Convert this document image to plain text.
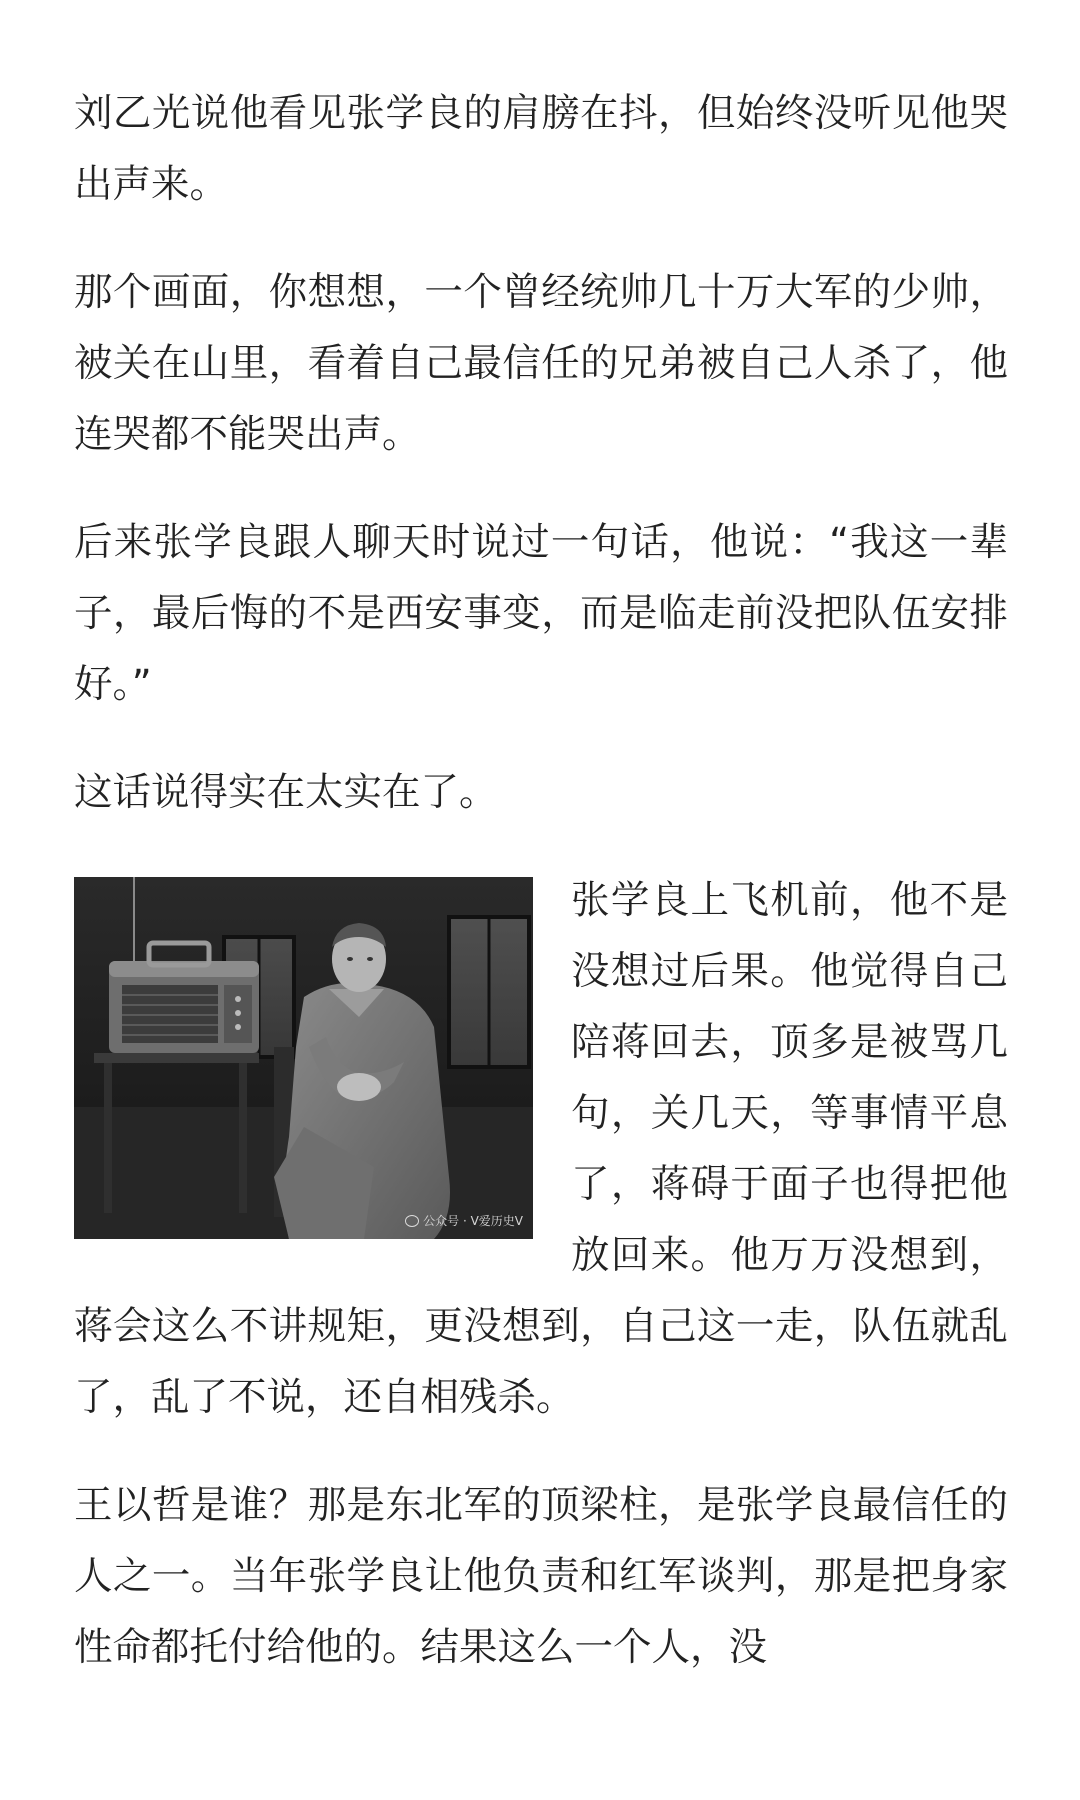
刘乙光说他看见张学良的肩膀在抖，但始终没听见他哭出声来。

那个画面，你想想，一个曾经统帅几十万大军的少帅，被关在山里，看着自己最信任的兄弟被自己人杀了，他连哭都不能哭出声。

后来张学良跟人聊天时说过一句话，他说：“我这一辈子，最后悔的不是西安事变，而是临走前没把队伍安排好。”

这话说得实在太实在了。

公众号 · V爱历史V

张学良上飞机前，他不是没想过后果。他觉得自己陪蒋回去，顶多是被骂几句，关几天，等事情平息了，蒋碍于面子也得把他放回来。他万万没想到，蒋会这么不讲规矩，更没想到，自己这一走，队伍就乱了，乱了不说，还自相残杀。

王以哲是谁？那是东北军的顶梁柱，是张学良最信任的人之一。当年张学良让他负责和红军谈判，那是把身家性命都托付给他的。结果这么一个人，没
